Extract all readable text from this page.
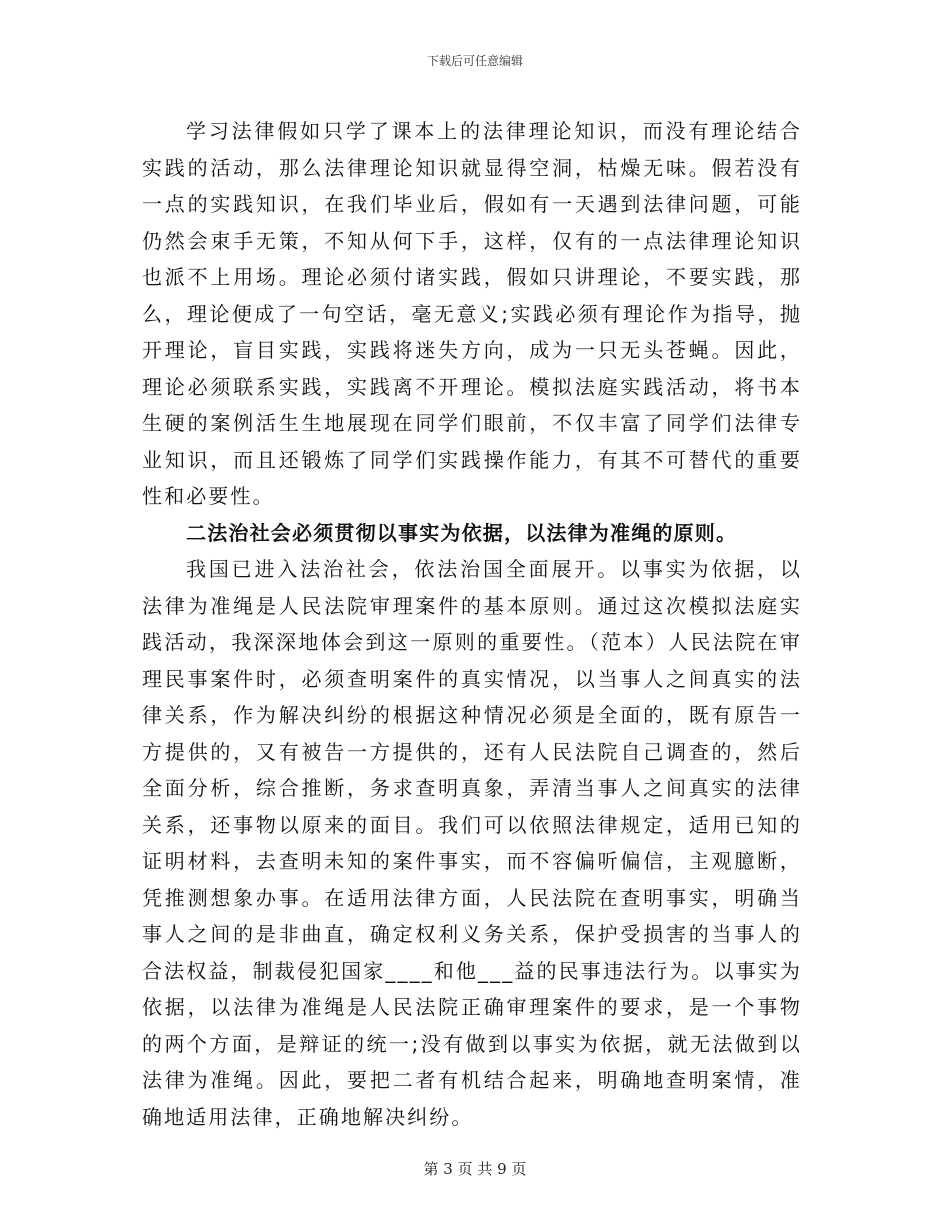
下载后可任意编辑

学习法律假如只学了课本上的法律理论知识，而没有理论结合实践的活动，那么法律理论知识就显得空洞，枯燥无味。假若没有一点的实践知识，在我们毕业后，假如有一天遇到法律问题，可能仍然会束手无策，不知从何下手，这样，仅有的一点法律理论知识也派不上用场。理论必须付诸实践，假如只讲理论，不要实践，那么，理论便成了一句空话，毫无意义;实践必须有理论作为指导，抛开理论，盲目实践，实践将迷失方向，成为一只无头苍蝇。因此，理论必须联系实践，实践离不开理论。模拟法庭实践活动，将书本生硬的案例活生生地展现在同学们眼前，不仅丰富了同学们法律专业知识，而且还锻炼了同学们实践操作能力，有其不可替代的重要性和必要性。

二法治社会必须贯彻以事实为依据，以法律为准绳的原则。

我国已进入法治社会，依法治国全面展开。以事实为依据，以法律为准绳是人民法院审理案件的基本原则。通过这次模拟法庭实践活动，我深深地体会到这一原则的重要性。（范本）人民法院在审理民事案件时，必须查明案件的真实情况，以当事人之间真实的法律关系，作为解决纠纷的根据这种情况必须是全面的，既有原告一方提供的，又有被告一方提供的，还有人民法院自己调查的，然后全面分析，综合推断，务求查明真象，弄清当事人之间真实的法律关系，还事物以原来的面目。我们可以依照法律规定，适用已知的证明材料，去查明未知的案件事实，而不容偏听偏信，主观臆断，凭推测想象办事。在适用法律方面，人民法院在查明事实，明确当事人之间的是非曲直，确定权利义务关系，保护受损害的当事人的合法权益，制裁侵犯国家____和他___益的民事违法行为。以事实为依据，以法律为准绳是人民法院正确审理案件的要求，是一个事物的两个方面，是辩证的统一;没有做到以事实为依据，就无法做到以法律为准绳。因此，要把二者有机结合起来，明确地查明案情，准确地适用法律，正确地解决纠纷。

第 3 页 共 9 页
